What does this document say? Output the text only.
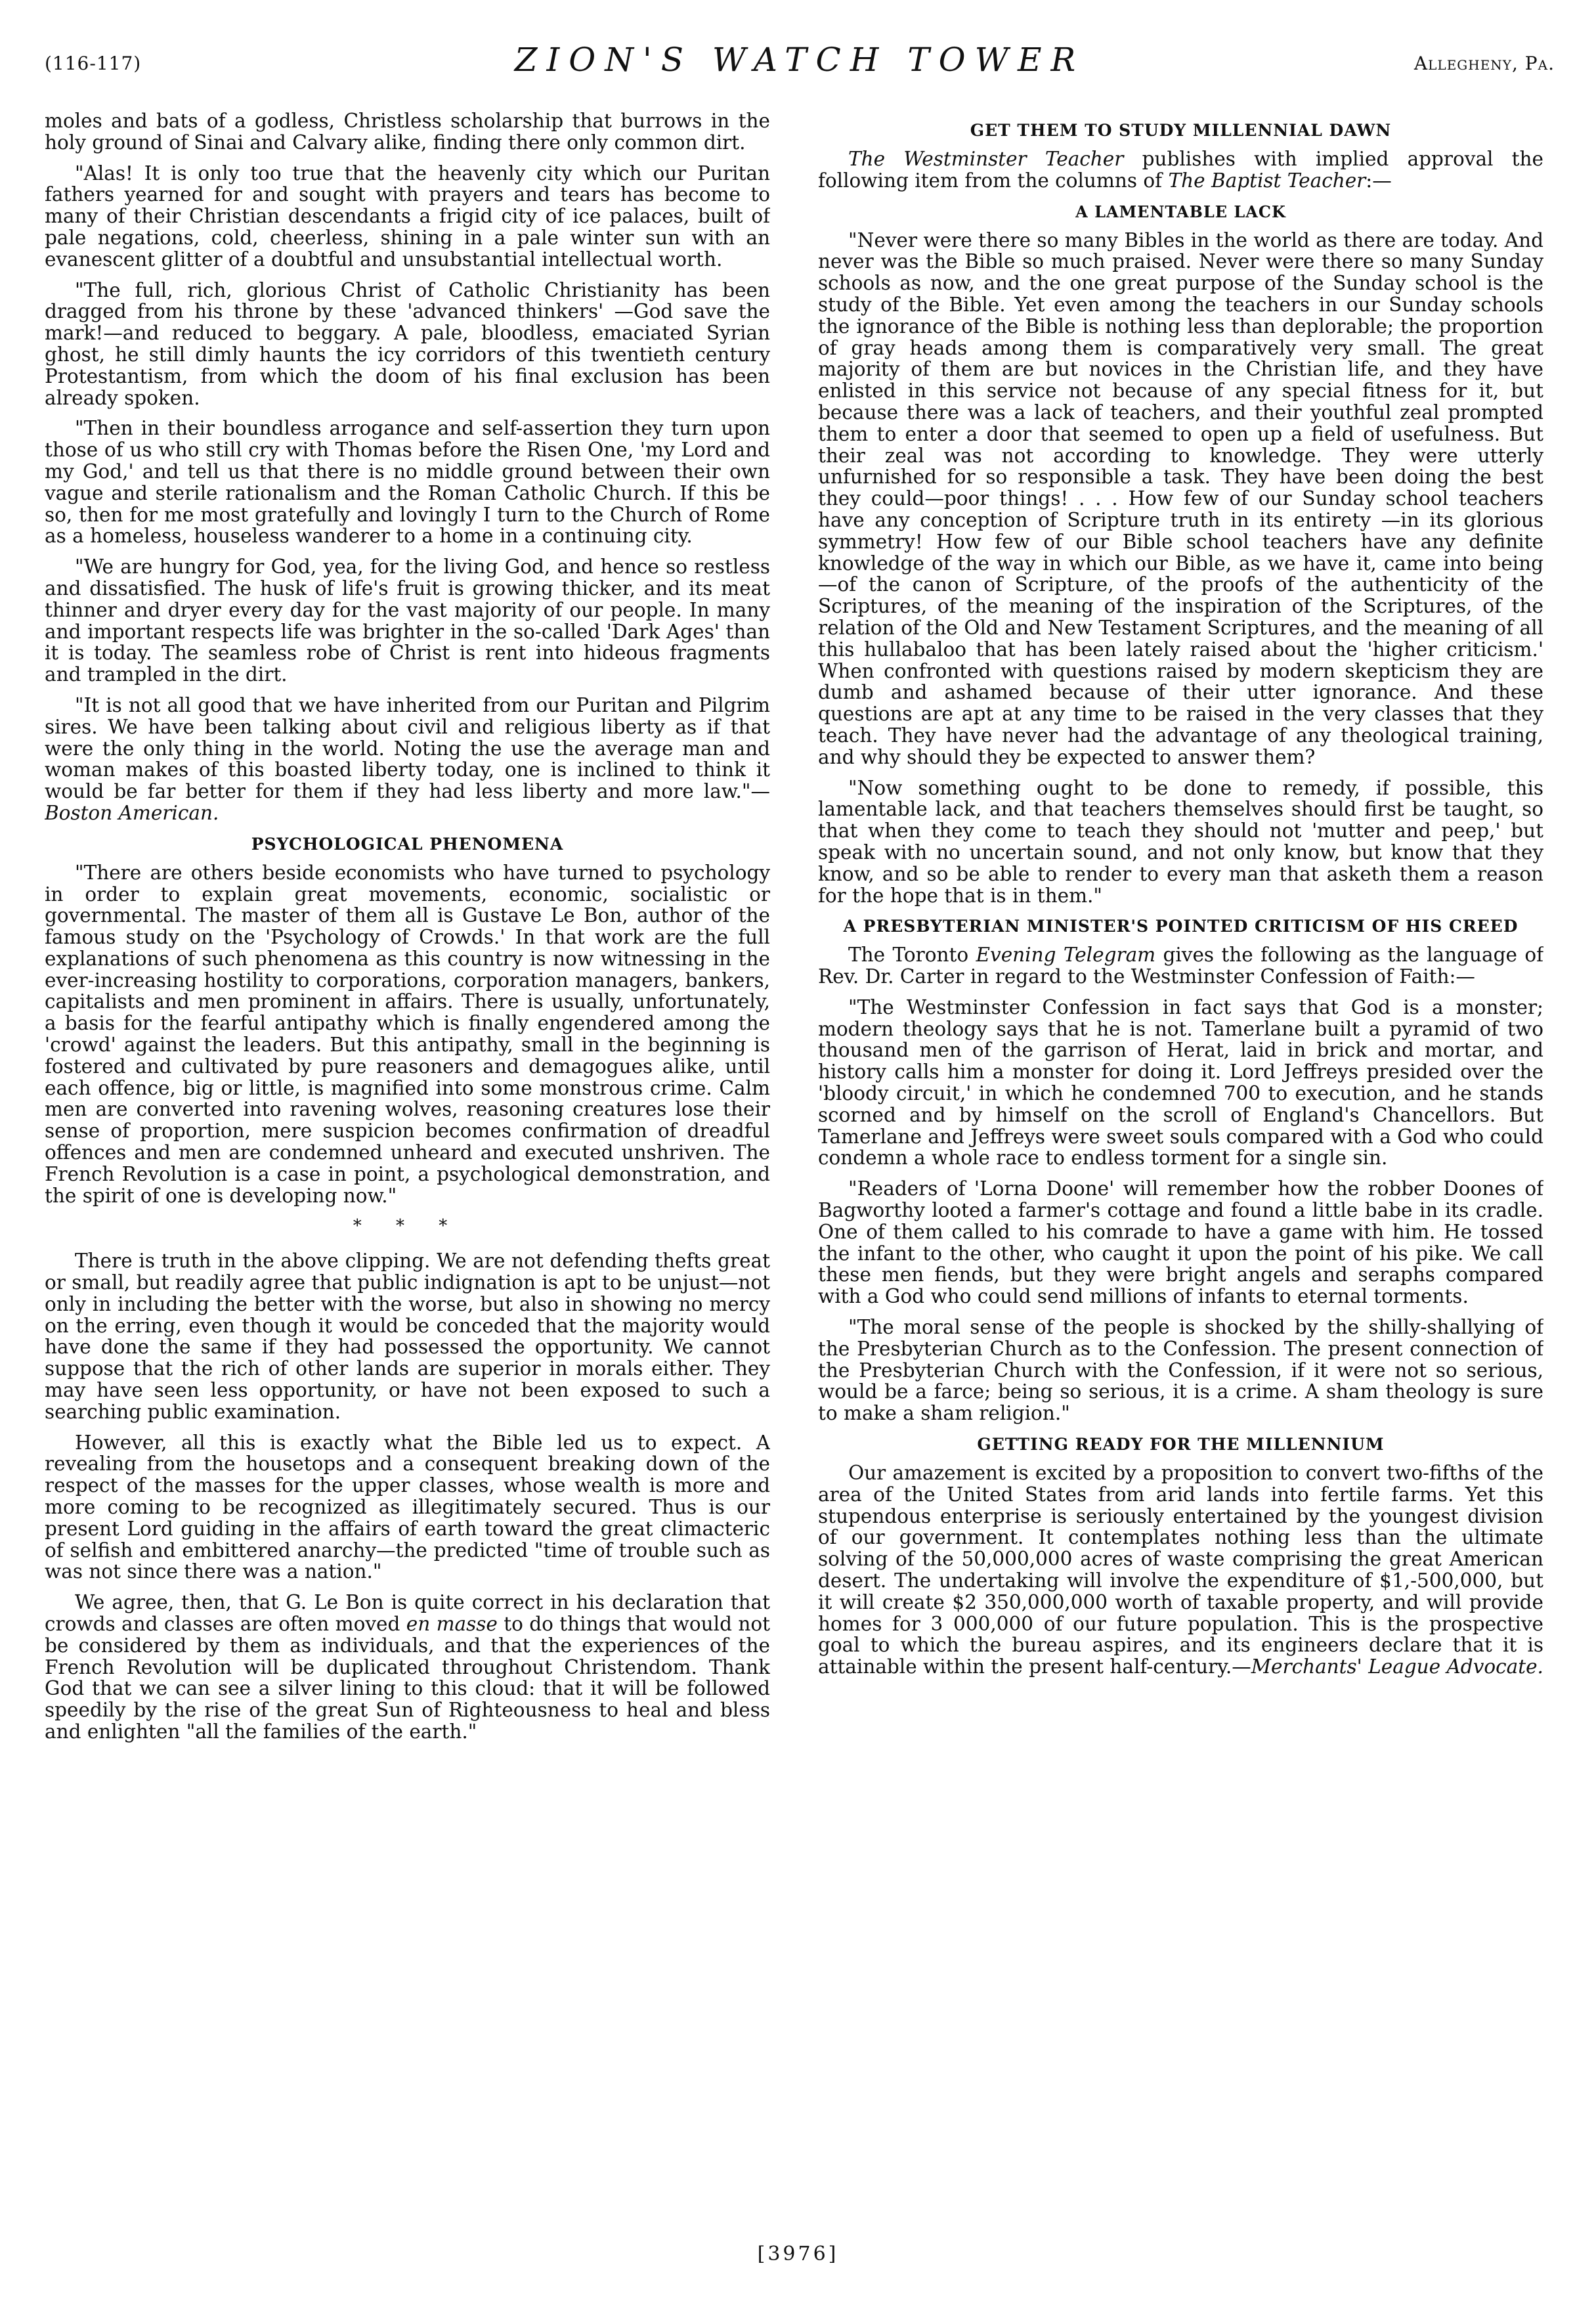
(116-117)	ZION'S WATCH TOWER	Allegheny, Pa.

moles and bats of a godless, Christless scholarship that burrows in the holy ground of Sinai and Calvary alike, finding there only common dirt.

"Alas! It is only too true that the heavenly city which our Puritan fathers yearned for and sought with prayers and tears has become to many of their Christian descendants a frigid city of ice palaces, built of pale negations, cold, cheerless, shining in a pale winter sun with an evanescent glitter of a doubtful and unsubstantial intellectual worth.

"The full, rich, glorious Christ of Catholic Christianity has been dragged from his throne by these 'advanced thinkers' —God save the mark!—and reduced to beggary. A pale, bloodless, emaciated Syrian ghost, he still dimly haunts the icy corridors of this twentieth century Protestantism, from which the doom of his final exclusion has been already spoken.

"Then in their boundless arrogance and self-assertion they turn upon those of us who still cry with Thomas before the Risen One, 'my Lord and my God,' and tell us that there is no middle ground between their own vague and sterile rationalism and the Roman Catholic Church. If this be so, then for me most gratefully and lovingly I turn to the Church of Rome as a homeless, houseless wanderer to a home in a continuing city.

"We are hungry for God, yea, for the living God, and hence so restless and dissatisfied. The husk of life's fruit is growing thicker, and its meat thinner and dryer every day for the vast majority of our people. In many and important respects life was brighter in the so-called 'Dark Ages' than it is today. The seamless robe of Christ is rent into hideous fragments and trampled in the dirt.

"It is not all good that we have inherited from our Puritan and Pilgrim sires. We have been talking about civil and religious liberty as if that were the only thing in the world. Noting the use the average man and woman makes of this boasted liberty today, one is inclined to think it would be far better for them if they had less liberty and more law."—Boston American.

PSYCHOLOGICAL PHENOMENA

"There are others beside economists who have turned to psychology in order to explain great movements, economic, socialistic or governmental. The master of them all is Gustave Le Bon, author of the famous study on the 'Psychology of Crowds.' In that work are the full explanations of such phenomena as this country is now witnessing in the ever-increasing hostility to corporations, corporation managers, bankers, capitalists and men prominent in affairs. There is usually, unfortunately, a basis for the fearful antipathy which is finally engendered among the 'crowd' against the leaders. But this antipathy, small in the beginning is fostered and cultivated by pure reasoners and demagogues alike, until each offence, big or little, is magnified into some monstrous crime. Calm men are converted into ravening wolves, reasoning creatures lose their sense of proportion, mere suspicion becomes confirmation of dreadful offences and men are condemned unheard and executed unshriven. The French Revolution is a case in point, a psychological demonstration, and the spirit of one is developing now."

* * *

There is truth in the above clipping. We are not defending thefts great or small, but readily agree that public indignation is apt to be unjust—not only in including the better with the worse, but also in showing no mercy on the erring, even though it would be conceded that the majority would have done the same if they had possessed the opportunity. We cannot suppose that the rich of other lands are superior in morals either. They may have seen less opportunity, or have not been exposed to such a searching public examination.

However, all this is exactly what the Bible led us to expect. A revealing from the housetops and a consequent breaking down of the respect of the masses for the upper classes, whose wealth is more and more coming to be recognized as illegitimately secured. Thus is our present Lord guiding in the affairs of earth toward the great climacteric of selfish and embittered anarchy—the predicted "time of trouble such as was not since there was a nation."

We agree, then, that G. Le Bon is quite correct in his declaration that crowds and classes are often moved en masse to do things that would not be considered by them as individuals, and that the experiences of the French Revolution will be duplicated throughout Christendom. Thank God that we can see a silver lining to this cloud: that it will be followed speedily by the rise of the great Sun of Righteousness to heal and bless and enlighten "all the families of the earth."

GET THEM TO STUDY MILLENNIAL DAWN

The Westminster Teacher publishes with implied approval the following item from the columns of The Baptist Teacher:—

A LAMENTABLE LACK

"Never were there so many Bibles in the world as there are today. And never was the Bible so much praised. Never were there so many Sunday schools as now, and the one great purpose of the Sunday school is the study of the Bible. Yet even among the teachers in our Sunday schools the ignorance of the Bible is nothing less than deplorable; the proportion of gray heads among them is comparatively very small. The great majority of them are but novices in the Christian life, and they have enlisted in this service not because of any special fitness for it, but because there was a lack of teachers, and their youthful zeal prompted them to enter a door that seemed to open up a field of usefulness. But their zeal was not according to knowledge. They were utterly unfurnished for so responsible a task. They have been doing the best they could—poor things! . . . How few of our Sunday school teachers have any conception of Scripture truth in its entirety —in its glorious symmetry! How few of our Bible school teachers have any definite knowledge of the way in which our Bible, as we have it, came into being—of the canon of Scripture, of the proofs of the authenticity of the Scriptures, of the meaning of the inspiration of the Scriptures, of the relation of the Old and New Testament Scriptures, and the meaning of all this hullabaloo that has been lately raised about the 'higher criticism.' When confronted with questions raised by modern skepticism they are dumb and ashamed because of their utter ignorance. And these questions are apt at any time to be raised in the very classes that they teach. They have never had the advantage of any theological training, and why should they be expected to answer them?

"Now something ought to be done to remedy, if possible, this lamentable lack, and that teachers themselves should first be taught, so that when they come to teach they should not 'mutter and peep,' but speak with no uncertain sound, and not only know, but know that they know, and so be able to render to every man that asketh them a reason for the hope that is in them."

A PRESBYTERIAN MINISTER'S POINTED CRITICISM OF HIS CREED

The Toronto Evening Telegram gives the following as the language of Rev. Dr. Carter in regard to the Westminster Confession of Faith:—

"The Westminster Confession in fact says that God is a monster; modern theology says that he is not. Tamerlane built a pyramid of two thousand men of the garrison of Herat, laid in brick and mortar, and history calls him a monster for doing it. Lord Jeffreys presided over the 'bloody circuit,' in which he condemned 700 to execution, and he stands scorned and by himself on the scroll of England's Chancellors. But Tamerlane and Jeffreys were sweet souls compared with a God who could condemn a whole race to endless torment for a single sin.

"Readers of 'Lorna Doone' will remember how the robber Doones of Bagworthy looted a farmer's cottage and found a little babe in its cradle. One of them called to his comrade to have a game with him. He tossed the infant to the other, who caught it upon the point of his pike. We call these men fiends, but they were bright angels and seraphs compared with a God who could send millions of infants to eternal torments.

"The moral sense of the people is shocked by the shilly-shallying of the Presbyterian Church as to the Confession. The present connection of the Presbyterian Church with the Confession, if it were not so serious, would be a farce; being so serious, it is a crime. A sham theology is sure to make a sham religion."

GETTING READY FOR THE MILLENNIUM

Our amazement is excited by a proposition to convert two-fifths of the area of the United States from arid lands into fertile farms. Yet this stupendous enterprise is seriously entertained by the youngest division of our government. It contemplates nothing less than the ultimate solving of the 50,000,000 acres of waste comprising the great American desert. The undertaking will involve the expenditure of $1,-500,000, but it will create $2 350,000,000 worth of taxable property, and will provide homes for 3 000,000 of our future population. This is the prospective goal to which the bureau aspires, and its engineers declare that it is attainable within the present half-century.—Merchants' League Advocate.

[3976]
